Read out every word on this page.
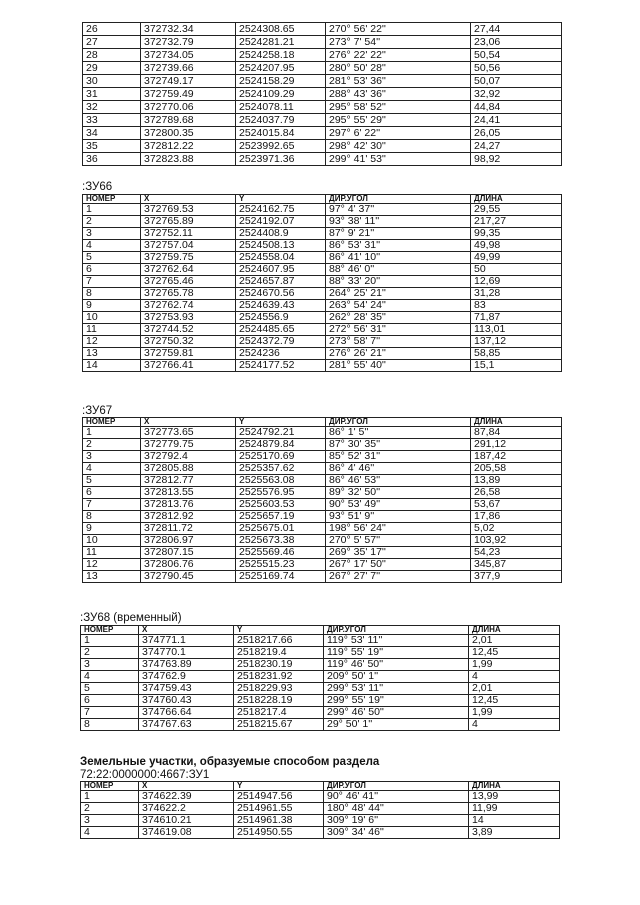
26	372732.34	2524308.65	270° 56' 22''	27,44
27	372732.79	2524281.21	273° 7' 54''	23,06
28	372734.05	2524258.18	276° 22' 22''	50,54
29	372739.66	2524207.95	280° 50' 28''	50,56
30	372749.17	2524158.29	281° 53' 36''	50,07
31	372759.49	2524109.29	288° 43' 36''	32,92
32	372770.06	2524078.11	295° 58' 52''	44,84
33	372789.68	2524037.79	295° 55' 29''	24,41
34	372800.35	2524015.84	297° 6' 22''	26,05
35	372812.22	2523992.65	298° 42' 30''	24,27
36	372823.88	2523971.36	299° 41' 53''	98,92
:ЗУ66
НОМЕР	X	Y	ДИР.УГОЛ	ДЛИНА
1	372769.53	2524162.75	97° 4' 37''	29,55
2	372765.89	2524192.07	93° 38' 11''	217,27
3	372752.11	2524408.9	87° 9' 21''	99,35
4	372757.04	2524508.13	86° 53' 31''	49,98
5	372759.75	2524558.04	86° 41' 10''	49,99
6	372762.64	2524607.95	88° 46' 0''	50
7	372765.46	2524657.87	88° 33' 20''	12,69
8	372765.78	2524670.56	264° 25' 21''	31,28
9	372762.74	2524639.43	263° 54' 24''	83
10	372753.93	2524556.9	262° 28' 35''	71,87
11	372744.52	2524485.65	272° 56' 31''	113,01
12	372750.32	2524372.79	273° 58' 7''	137,12
13	372759.81	2524236	276° 26' 21''	58,85
14	372766.41	2524177.52	281° 55' 40''	15,1
:ЗУ67
НОМЕР	X	Y	ДИР.УГОЛ	ДЛИНА
1	372773.65	2524792.21	86° 1' 5''	87,84
2	372779.75	2524879.84	87° 30' 35''	291,12
3	372792.4	2525170.69	85° 52' 31''	187,42
4	372805.88	2525357.62	86° 4' 46''	205,58
5	372812.77	2525563.08	86° 46' 53''	13,89
6	372813.55	2525576.95	89° 32' 50''	26,58
7	372813.76	2525603.53	90° 53' 49''	53,67
8	372812.92	2525657.19	93° 51' 9''	17,86
9	372811.72	2525675.01	198° 56' 24''	5,02
10	372806.97	2525673.38	270° 5' 57''	103,92
11	372807.15	2525569.46	269° 35' 17''	54,23
12	372806.76	2525515.23	267° 17' 50''	345,87
13	372790.45	2525169.74	267° 27' 7''	377,9
:ЗУ68 (временный)
НОМЕР	X	Y	ДИР.УГОЛ	ДЛИНА
1	374771.1	2518217.66	119° 53' 11''	2,01
2	374770.1	2518219.4	119° 55' 19''	12,45
3	374763.89	2518230.19	119° 46' 50''	1,99
4	374762.9	2518231.92	209° 50' 1''	4
5	374759.43	2518229.93	299° 53' 11''	2,01
6	374760.43	2518228.19	299° 55' 19''	12,45
7	374766.64	2518217.4	299° 46' 50''	1,99
8	374767.63	2518215.67	29° 50' 1''	4
Земельные участки, образуемые способом раздела
72:22:0000000:4667:ЗУ1
НОМЕР	X	Y	ДИР.УГОЛ	ДЛИНА
1	374622.39	2514947.56	90° 46' 41''	13,99
2	374622.2	2514961.55	180° 48' 44''	11,99
3	374610.21	2514961.38	309° 19' 6''	14
4	374619.08	2514950.55	309° 34' 46''	3,89
